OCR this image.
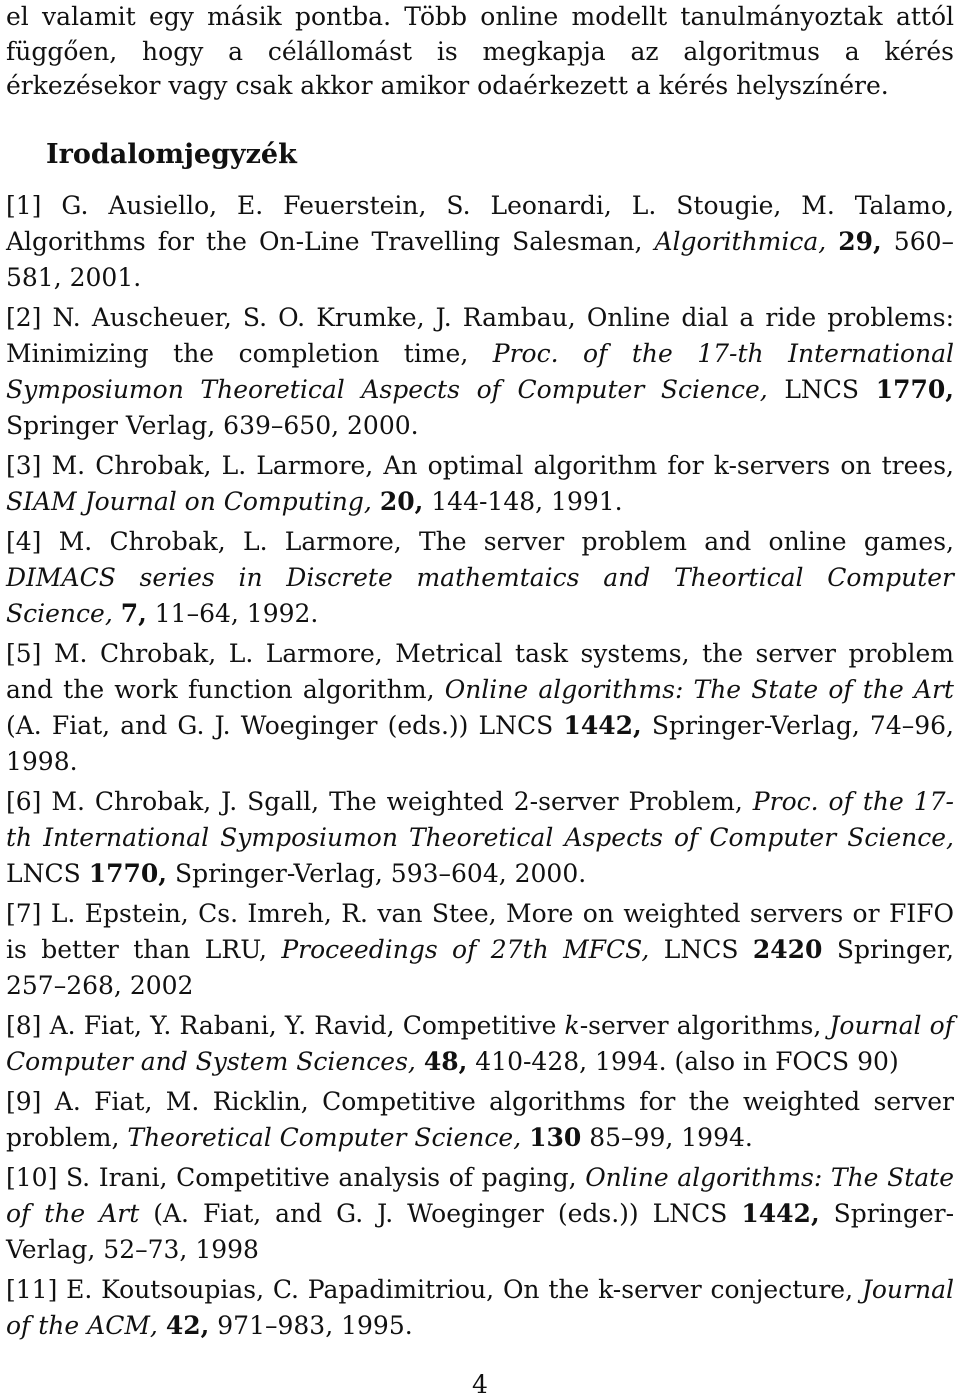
el valamit egy másik pontba. Több online modellt tanulmányoztak attól függően, hogy a célállomást is megkapja az algoritmus a kérés érkezésekor vagy csak akkor amikor odaérkezett a kérés helyszínére.

Irodalomjegyzék

[1] G. Ausiello, E. Feuerstein, S. Leonardi, L. Stougie, M. Talamo, Algorithms for the On-Line Travelling Salesman, Algorithmica, 29, 560–581, 2001.

[2] N. Auscheuer, S. O. Krumke, J. Rambau, Online dial a ride problems: Minimizing the completion time, Proc. of the 17-th International Symposiumon Theoretical Aspects of Computer Science, LNCS 1770, Springer Verlag, 639–650, 2000.

[3] M. Chrobak, L. Larmore, An optimal algorithm for k-servers on trees, SIAM Journal on Computing, 20, 144-148, 1991.

[4] M. Chrobak, L. Larmore, The server problem and online games, DIMACS series in Discrete mathemtaics and Theortical Computer Science, 7, 11–64, 1992.

[5] M. Chrobak, L. Larmore, Metrical task systems, the server problem and the work function algorithm, Online algorithms: The State of the Art (A. Fiat, and G. J. Woeginger (eds.)) LNCS 1442, Springer-Verlag, 74–96, 1998.

[6] M. Chrobak, J. Sgall, The weighted 2-server Problem, Proc. of the 17-th International Symposiumon Theoretical Aspects of Computer Science, LNCS 1770, Springer-Verlag, 593–604, 2000.

[7] L. Epstein, Cs. Imreh, R. van Stee, More on weighted servers or FIFO is better than LRU, Proceedings of 27th MFCS, LNCS 2420 Springer, 257–268, 2002

[8] A. Fiat, Y. Rabani, Y. Ravid, Competitive k-server algorithms, Journal of Computer and System Sciences, 48, 410-428, 1994. (also in FOCS 90)

[9] A. Fiat, M. Ricklin, Competitive algorithms for the weighted server problem, Theoretical Computer Science, 130 85–99, 1994.

[10] S. Irani, Competitive analysis of paging, Online algorithms: The State of the Art (A. Fiat, and G. J. Woeginger (eds.)) LNCS 1442, Springer-Verlag, 52–73, 1998

[11] E. Koutsoupias, C. Papadimitriou, On the k-server conjecture, Journal of the ACM, 42, 971–983, 1995.

4
